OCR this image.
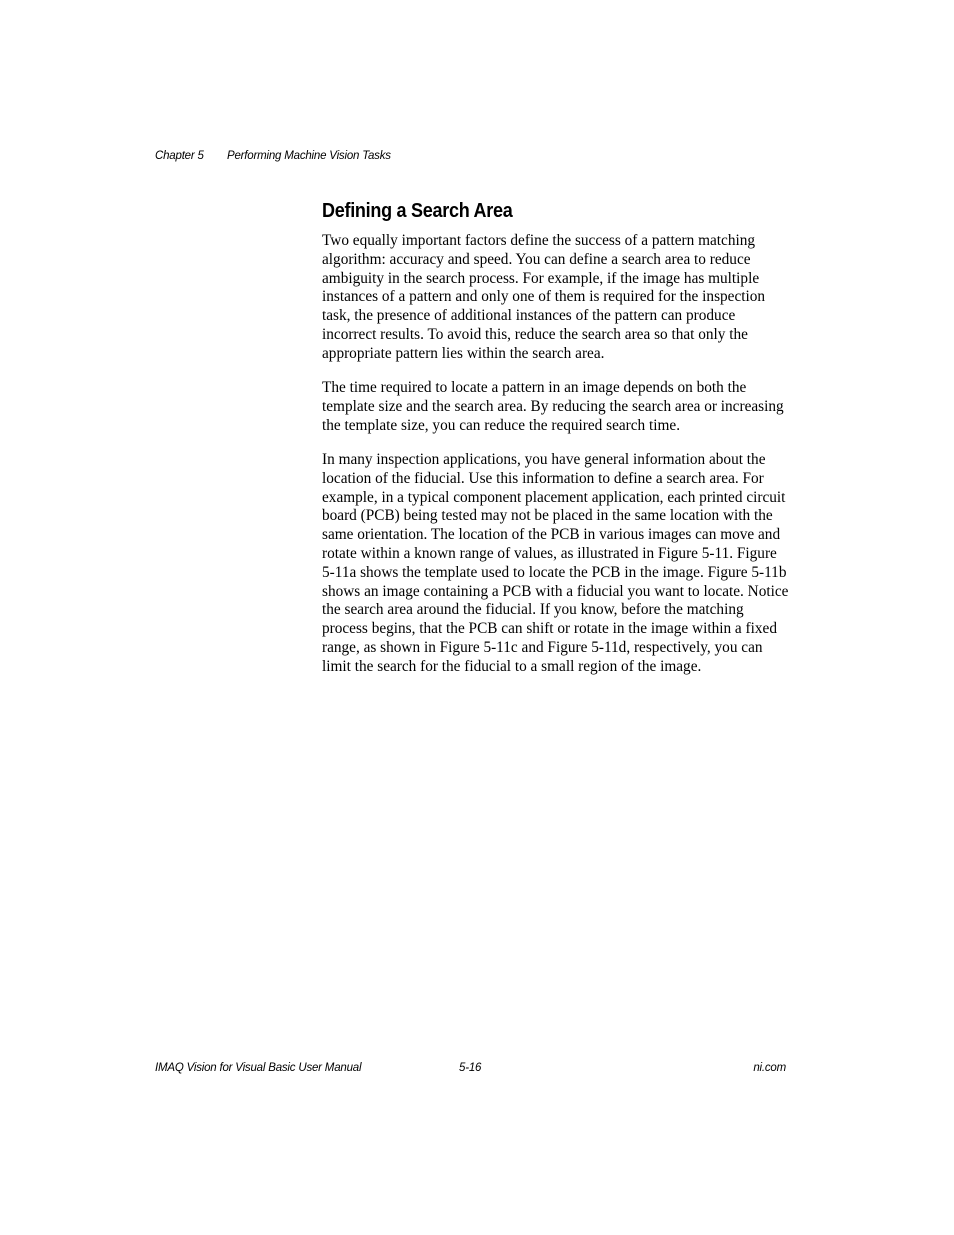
Chapter 5 Performing Machine Vision Tasks
Defining a Search Area

Two equally important factors define the success of a pattern matching algorithm: accuracy and speed. You can define a search area to reduce ambiguity in the search process. For example, if the image has multiple instances of a pattern and only one of them is required for the inspection task, the presence of additional instances of the pattern can produce incorrect results. To avoid this, reduce the search area so that only the appropriate pattern lies within the search area.

The time required to locate a pattern in an image depends on both the template size and the search area. By reducing the search area or increasing the template size, you can reduce the required search time.

In many inspection applications, you have general information about the location of the fiducial. Use this information to define a search area. For example, in a typical component placement application, each printed circuit board (PCB) being tested may not be placed in the same location with the same orientation. The location of the PCB in various images can move and rotate within a known range of values, as illustrated in Figure 5-11. Figure 5-11a shows the template used to locate the PCB in the image. Figure 5-11b shows an image containing a PCB with a fiducial you want to locate. Notice the search area around the fiducial. If you know, before the matching process begins, that the PCB can shift or rotate in the image within a fixed range, as shown in Figure 5-11c and Figure 5-11d, respectively, you can limit the search for the fiducial to a small region of the image.

IMAQ Vision for Visual Basic User Manual	5-16	ni.com
